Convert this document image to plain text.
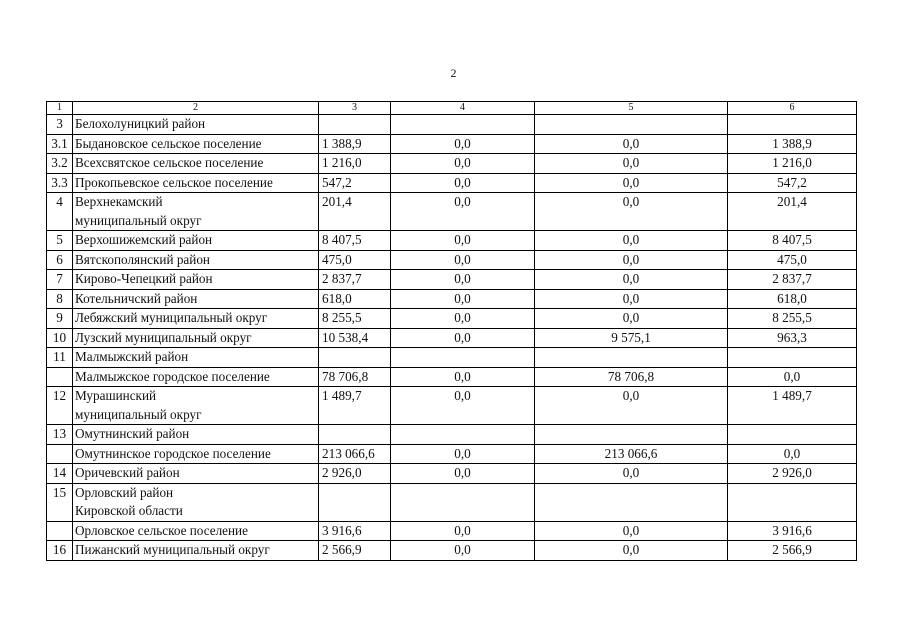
2
1	2	3	4	5	6
3	Белохолуницкий район				
3.1	Быдановское сельское поселение	1 388,9	0,0	0,0	1 388,9
3.2	Всехсвятское сельское поселение	1 216,0	0,0	0,0	1 216,0
3.3	Прокопьевское сельское поселение	547,2	0,0	0,0	547,2
4	Верхнекамский
муниципальный округ	201,4	0,0	0,0	201,4
5	Верхошижемский район	8 407,5	0,0	0,0	8 407,5
6	Вятскополянский район	475,0	0,0	0,0	475,0
7	Кирово-Чепецкий район	2 837,7	0,0	0,0	2 837,7
8	Котельничский район	618,0	0,0	0,0	618,0
9	Лебяжский муниципальный округ	8 255,5	0,0	0,0	8 255,5
10	Лузский муниципальный округ	10 538,4	0,0	9 575,1	963,3
11	Малмыжский район				
	Малмыжское городское поселение	78 706,8	0,0	78 706,8	0,0
12	Мурашинский
муниципальный округ	1 489,7	0,0	0,0	1 489,7
13	Омутнинский район				
	Омутнинское городское поселение	213 066,6	0,0	213 066,6	0,0
14	Оричевский район	2 926,0	0,0	0,0	2 926,0
15	Орловский район
Кировской области				
	Орловское сельское поселение	3 916,6	0,0	0,0	3 916,6
16	Пижанский муниципальный округ	2 566,9	0,0	0,0	2 566,9
